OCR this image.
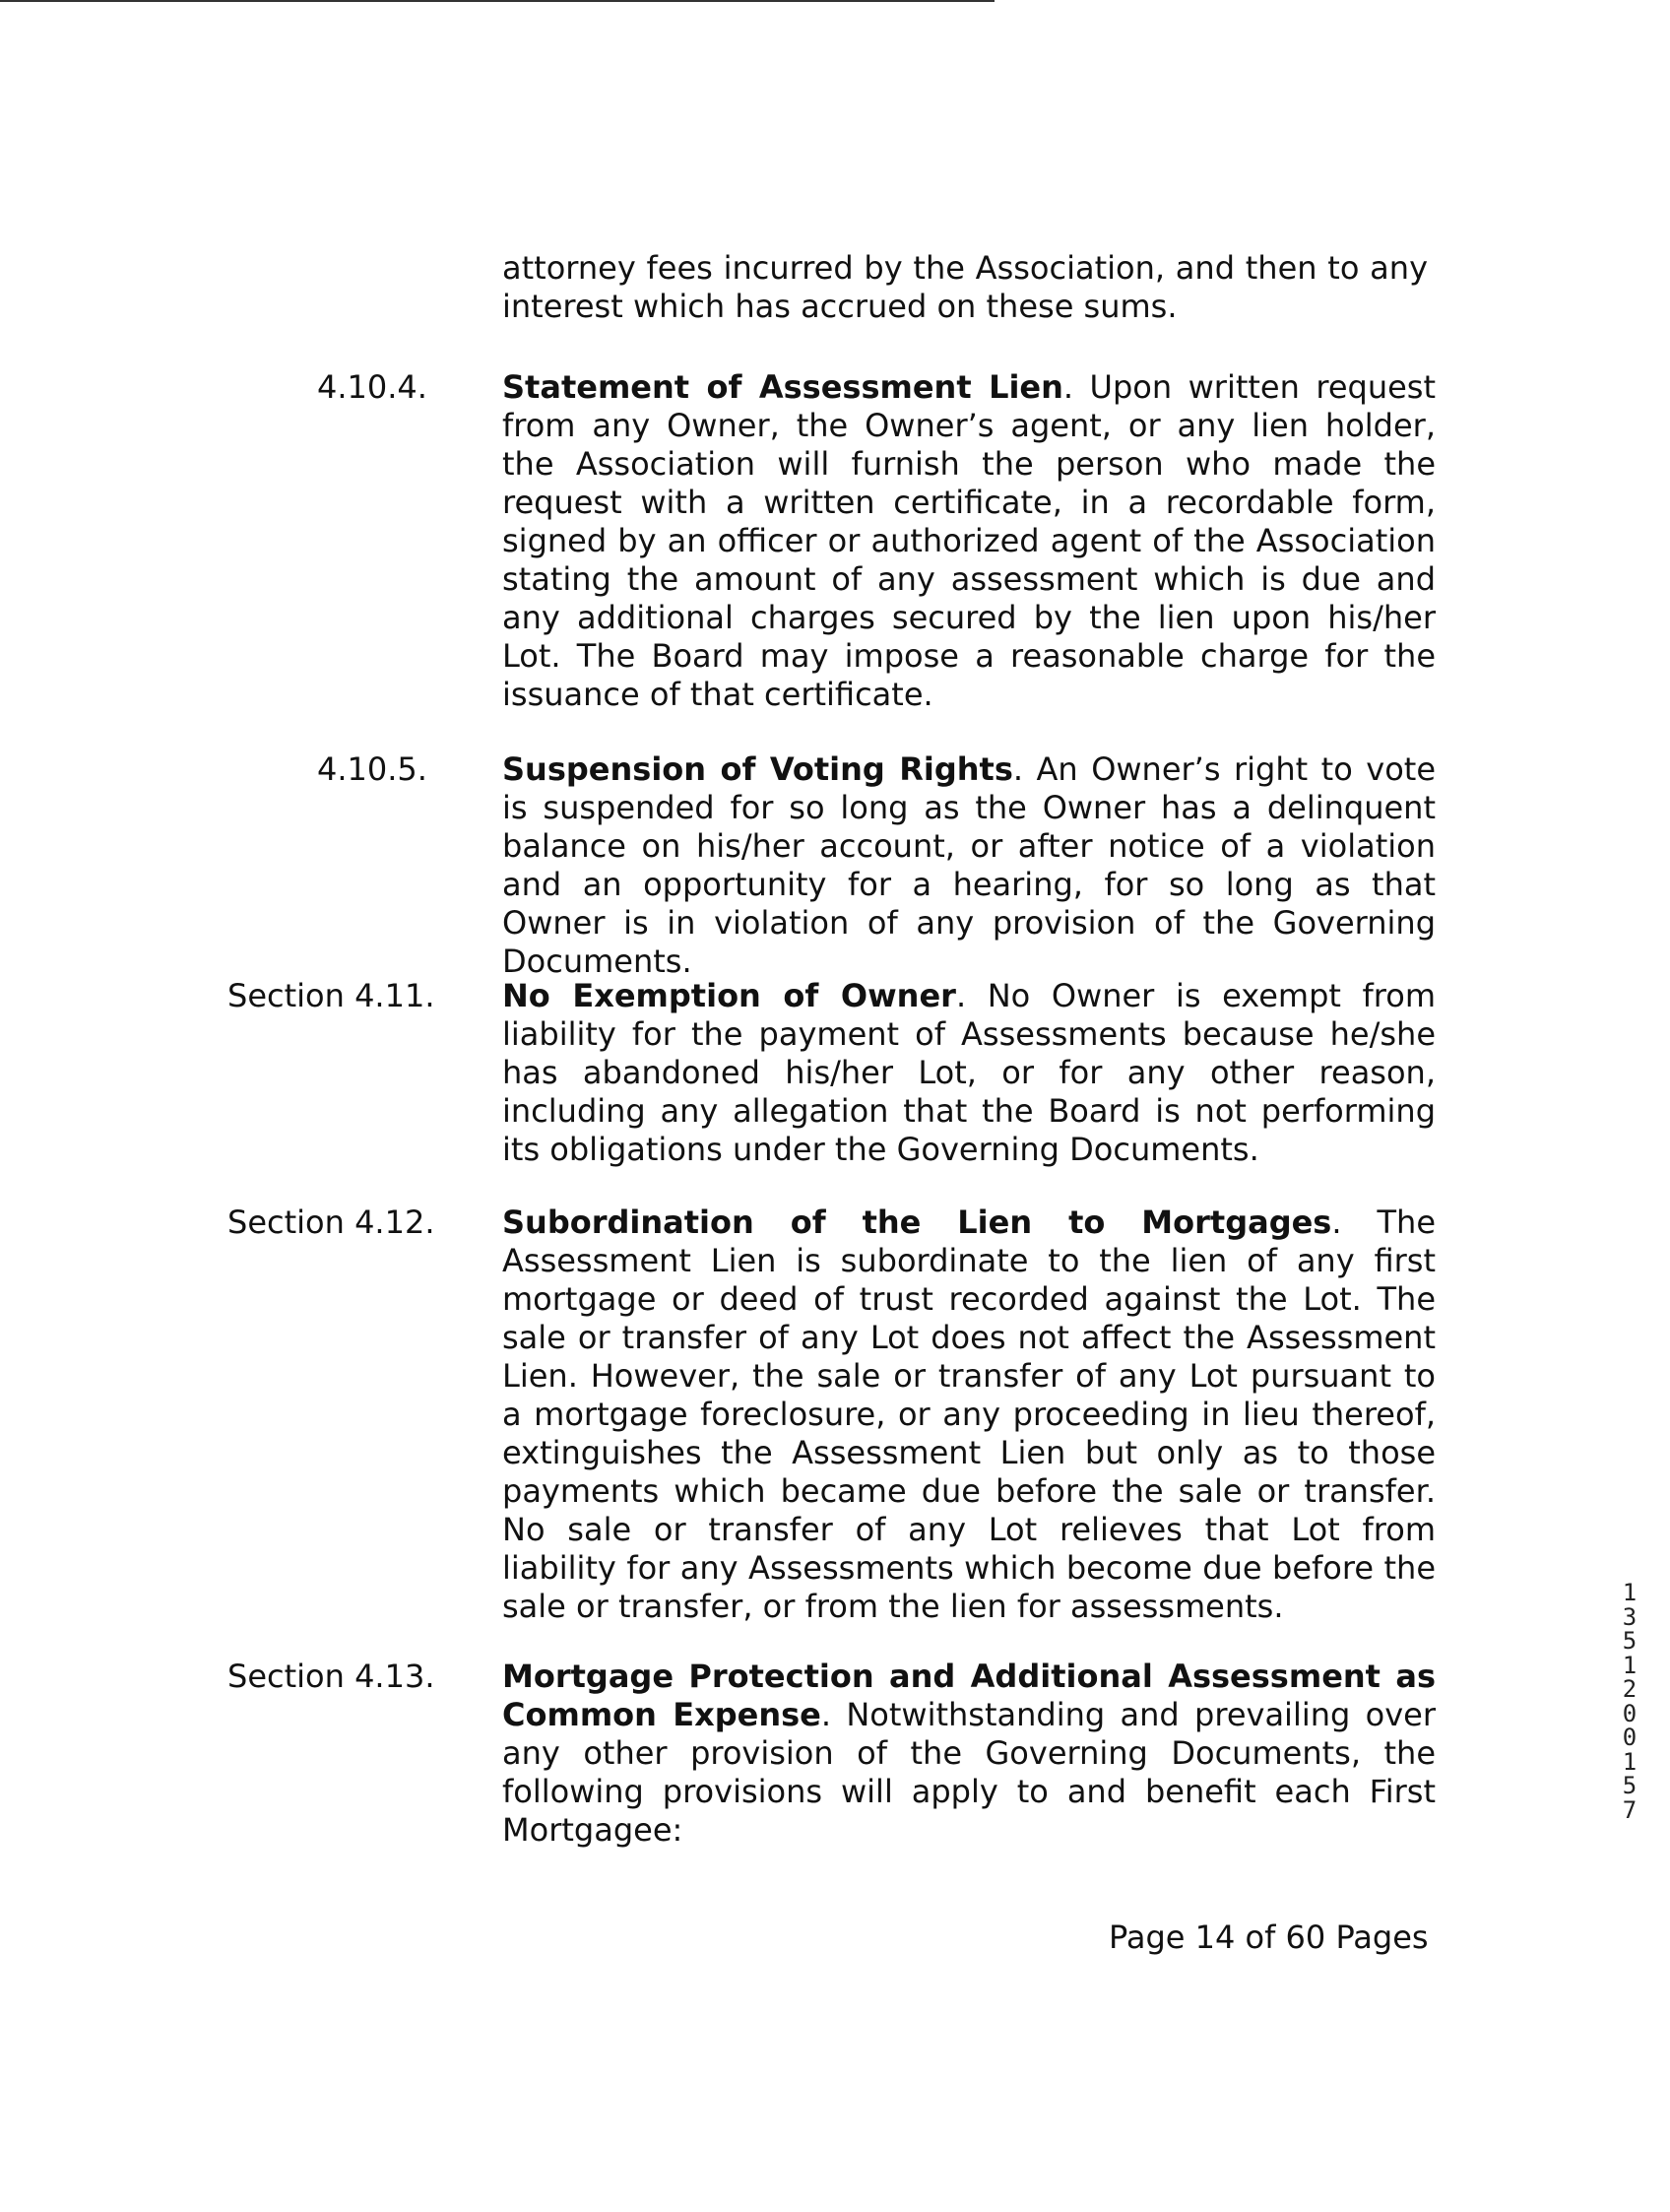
attorney fees incurred by the Association, and then to any interest which has accrued on these sums.
4.10.4. Statement of Assessment Lien. Upon written request from any Owner, the Owner’s agent, or any lien holder, the Association will furnish the person who made the request with a written certificate, in a recordable form, signed by an officer or authorized agent of the Association stating the amount of any assessment which is due and any additional charges secured by the lien upon his/her Lot. The Board may impose a reasonable charge for the issuance of that certificate.
4.10.5. Suspension of Voting Rights. An Owner’s right to vote is suspended for so long as the Owner has a delinquent balance on his/her account, or after notice of a violation and an opportunity for a hearing, for so long as that Owner is in violation of any provision of the Governing Documents.
Section 4.11. No Exemption of Owner. No Owner is exempt from liability for the payment of Assessments because he/she has abandoned his/her Lot, or for any other reason, including any allegation that the Board is not performing its obligations under the Governing Documents.
Section 4.12. Subordination of the Lien to Mortgages. The Assessment Lien is subordinate to the lien of any first mortgage or deed of trust recorded against the Lot. The sale or transfer of any Lot does not affect the Assessment Lien. However, the sale or transfer of any Lot pursuant to a mortgage foreclosure, or any proceeding in lieu thereof, extinguishes the Assessment Lien but only as to those payments which became due before the sale or transfer. No sale or transfer of any Lot relieves that Lot from liability for any Assessments which become due before the sale or transfer, or from the lien for assessments.
Section 4.13. Mortgage Protection and Additional Assessment as Common Expense. Notwithstanding and prevailing over any other provision of the Governing Documents, the following provisions will apply to and benefit each First Mortgagee:
Page 14 of 60 Pages
1
3
5
1
2
0
0
1
5
7
